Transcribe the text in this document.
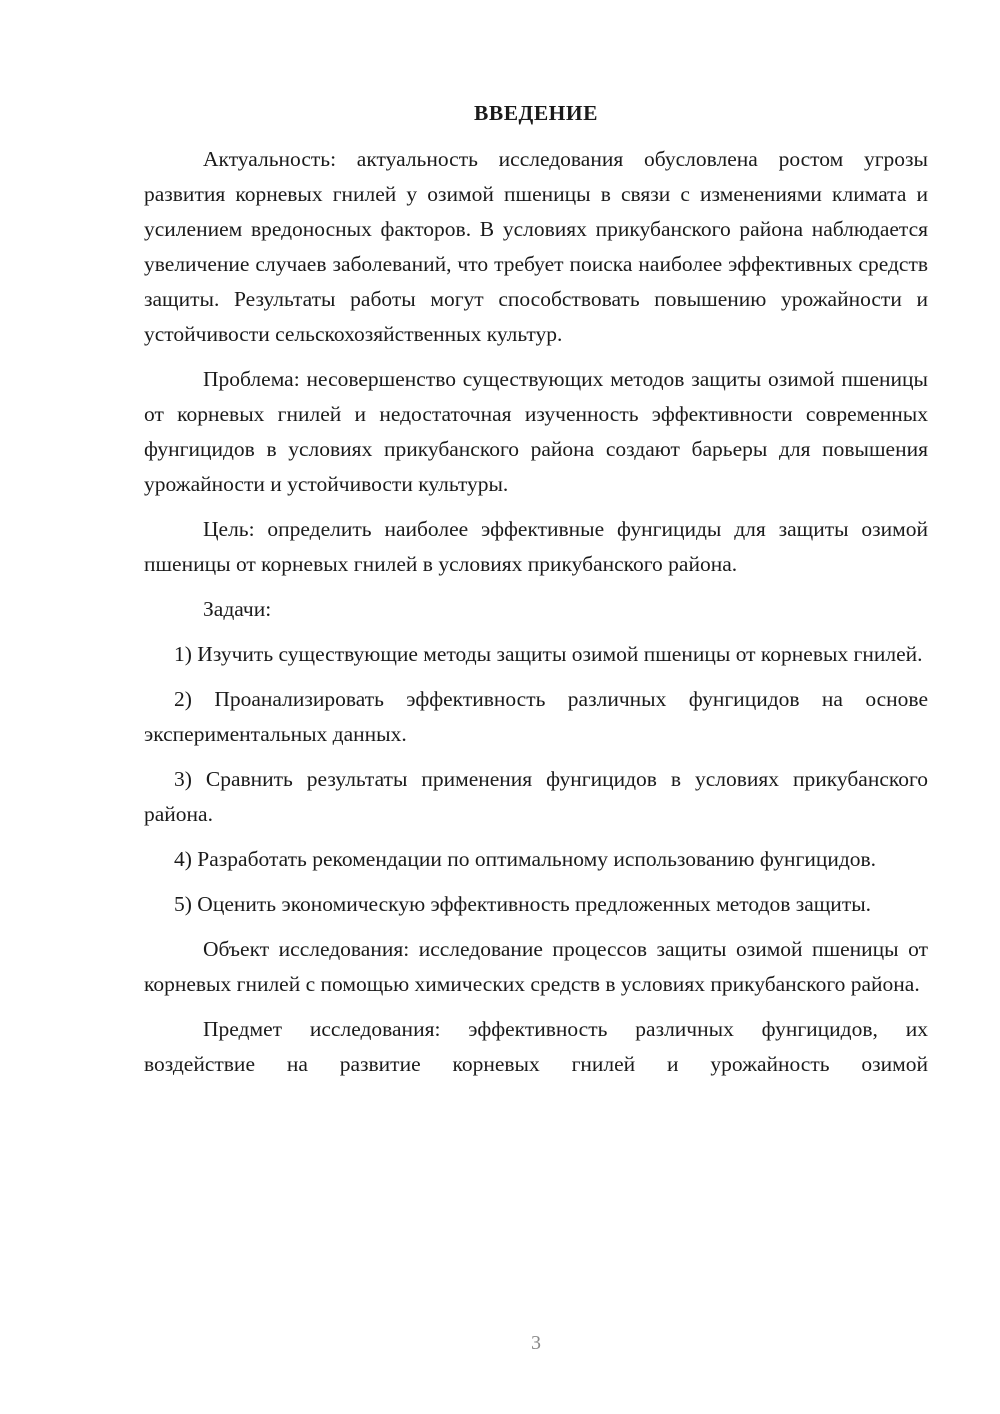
ВВЕДЕНИЕ

Актуальность: актуальность исследования обусловлена ростом угрозы развития корневых гнилей у озимой пшеницы в связи с изменениями климата и усилением вредоносных факторов. В условиях прикубанского района наблюдается увеличение случаев заболеваний, что требует поиска наиболее эффективных средств защиты. Результаты работы могут способствовать повышению урожайности и устойчивости сельскохозяйственных культур.

Проблема: несовершенство существующих методов защиты озимой пшеницы от корневых гнилей и недостаточная изученность эффективности современных фунгицидов в условиях прикубанского района создают барьеры для повышения урожайности и устойчивости культуры.

Цель: определить наиболее эффективные фунгициды для защиты озимой пшеницы от корневых гнилей в условиях прикубанского района.

Задачи:

1) Изучить существующие методы защиты озимой пшеницы от корневых гнилей.

2) Проанализировать эффективность различных фунгицидов на основе экспериментальных данных.

3) Сравнить результаты применения фунгицидов в условиях прикубанского района.

4) Разработать рекомендации по оптимальному использованию фунгицидов.

5) Оценить экономическую эффективность предложенных методов защиты.

Объект исследования: исследование процессов защиты озимой пшеницы от корневых гнилей с помощью химических средств в условиях прикубанского района.

Предмет исследования: эффективность различных фунгицидов, их воздействие на развитие корневых гнилей и урожайность озимой

3
